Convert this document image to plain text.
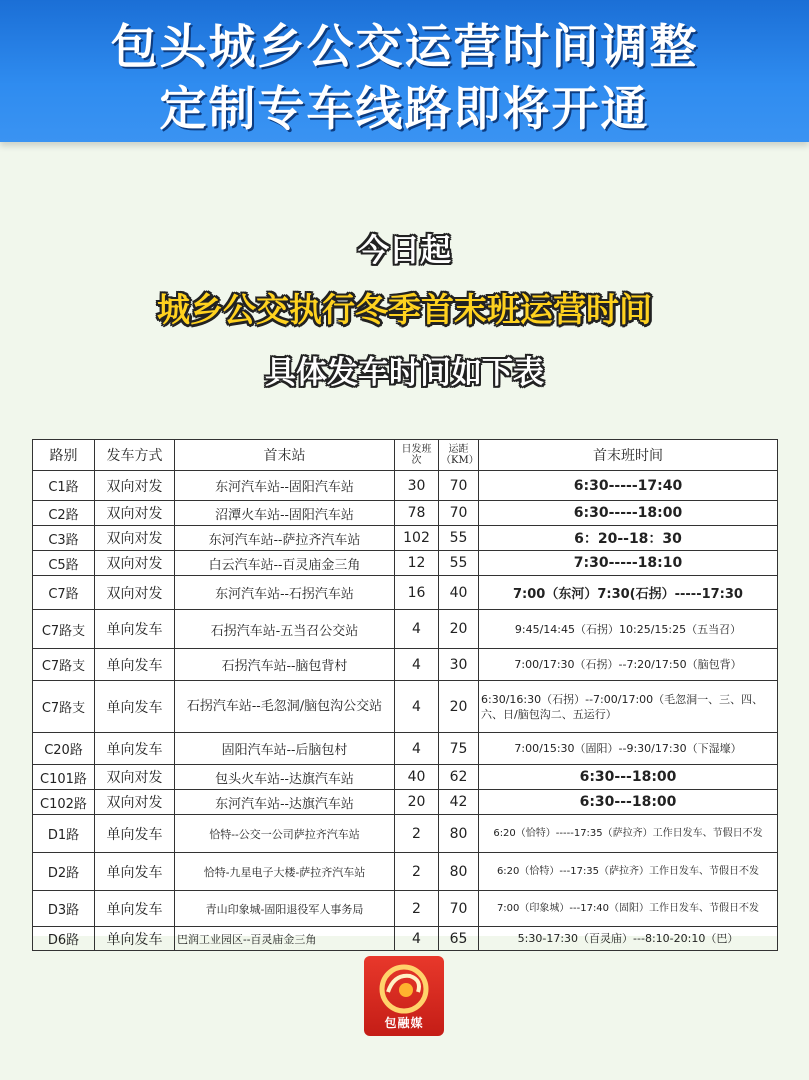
包头城乡公交运营时间调整
定制专车线路即将开通
今日起
城乡公交执行冬季首末班运营时间
具体发车时间如下表
路别	发车方式	首末站	日发班次	运距（KM）	首末班时间
C1路	双向对发	东河汽车站--固阳汽车站	30	70	6:30-----17:40
C2路	双向对发	沼潭火车站--固阳汽车站	78	70	6:30-----18:00
C3路	双向对发	东河汽车站--萨拉齐汽车站	102	55	6：20--18：30
C5路	双向对发	白云汽车站--百灵庙金三角	12	55	7:30-----18:10
C7路	双向对发	东河汽车站--石拐汽车站	16	40	7:00（东河）7:30(石拐）-----17:30
C7路支	单向发车	石拐汽车站-五当召公交站	4	20	9:45/14:45（石拐）10:25/15:25（五当召）
C7路支	单向发车	石拐汽车站--脑包背村	4	30	7:00/17:30（石拐）--7:20/17:50（脑包背）
C7路支	单向发车	石拐汽车站--毛忽洞/脑包沟公交站	4	20	6:30/16:30（石拐）--7:00/17:00（毛忽洞一、三、四、六、日/脑包沟二、五运行）
C20路	单向发车	固阳汽车站--后脑包村	4	75	7:00/15:30（固阳）--9:30/17:30（下湿壕）
C101路	双向对发	包头火车站--达旗汽车站	40	62	6:30---18:00
C102路	双向对发	东河汽车站--达旗汽车站	20	42	6:30---18:00
D1路	单向发车	恰特--公交一公司萨拉齐汽车站	2	80	6:20（恰特）-----17:35（萨拉齐）工作日发车、节假日不发
D2路	单向发车	恰特-九星电子大楼-萨拉齐汽车站	2	80	6:20（恰特）---17:35（萨拉齐）工作日发车、节假日不发
D3路	单向发车	青山印象城-固阳退役军人事务局	2	70	7:00（印象城）---17:40（固阳）工作日发车、节假日不发
D6路	单向发车	巴润工业园区--百灵庙金三角	4	65	5:30-17:30（百灵庙）---8:10-20:10（巴）
包融媒
